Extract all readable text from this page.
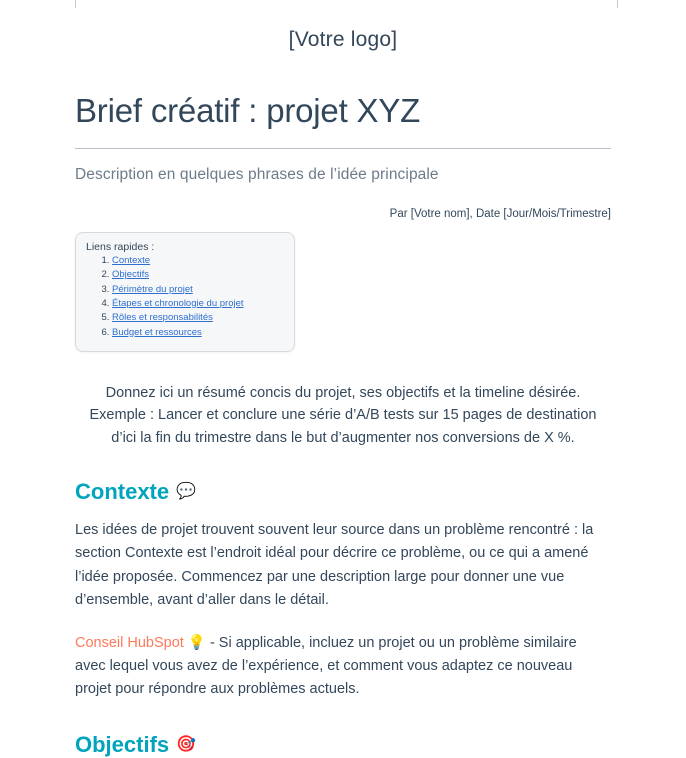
[Votre logo]
Brief créatif : projet XYZ
Description en quelques phrases de l’idée principale
Par [Votre nom], Date [Jour/Mois/Trimestre]
Liens rapides :
1. Contexte
2. Objectifs
3. Périmètre du projet
4. Étapes et chronologie du projet
5. Rôles et responsabilités
6. Budget et ressources
Donnez ici un résumé concis du projet, ses objectifs et la timeline désirée. Exemple : Lancer et conclure une série d’A/B tests sur 15 pages de destination d’ici la fin du trimestre dans le but d’augmenter nos conversions de X %.
Contexte 💬
Les idées de projet trouvent souvent leur source dans un problème rencontré : la section Contexte est l’endroit idéal pour décrire ce problème, ou ce qui a amené l’idée proposée. Commencez par une description large pour donner une vue d’ensemble, avant d’aller dans le détail.
Conseil HubSpot 💡 - Si applicable, incluez un projet ou un problème similaire avec lequel vous avez de l’expérience, et comment vous adaptez ce nouveau projet pour répondre aux problèmes actuels.
Objectifs 🎯
